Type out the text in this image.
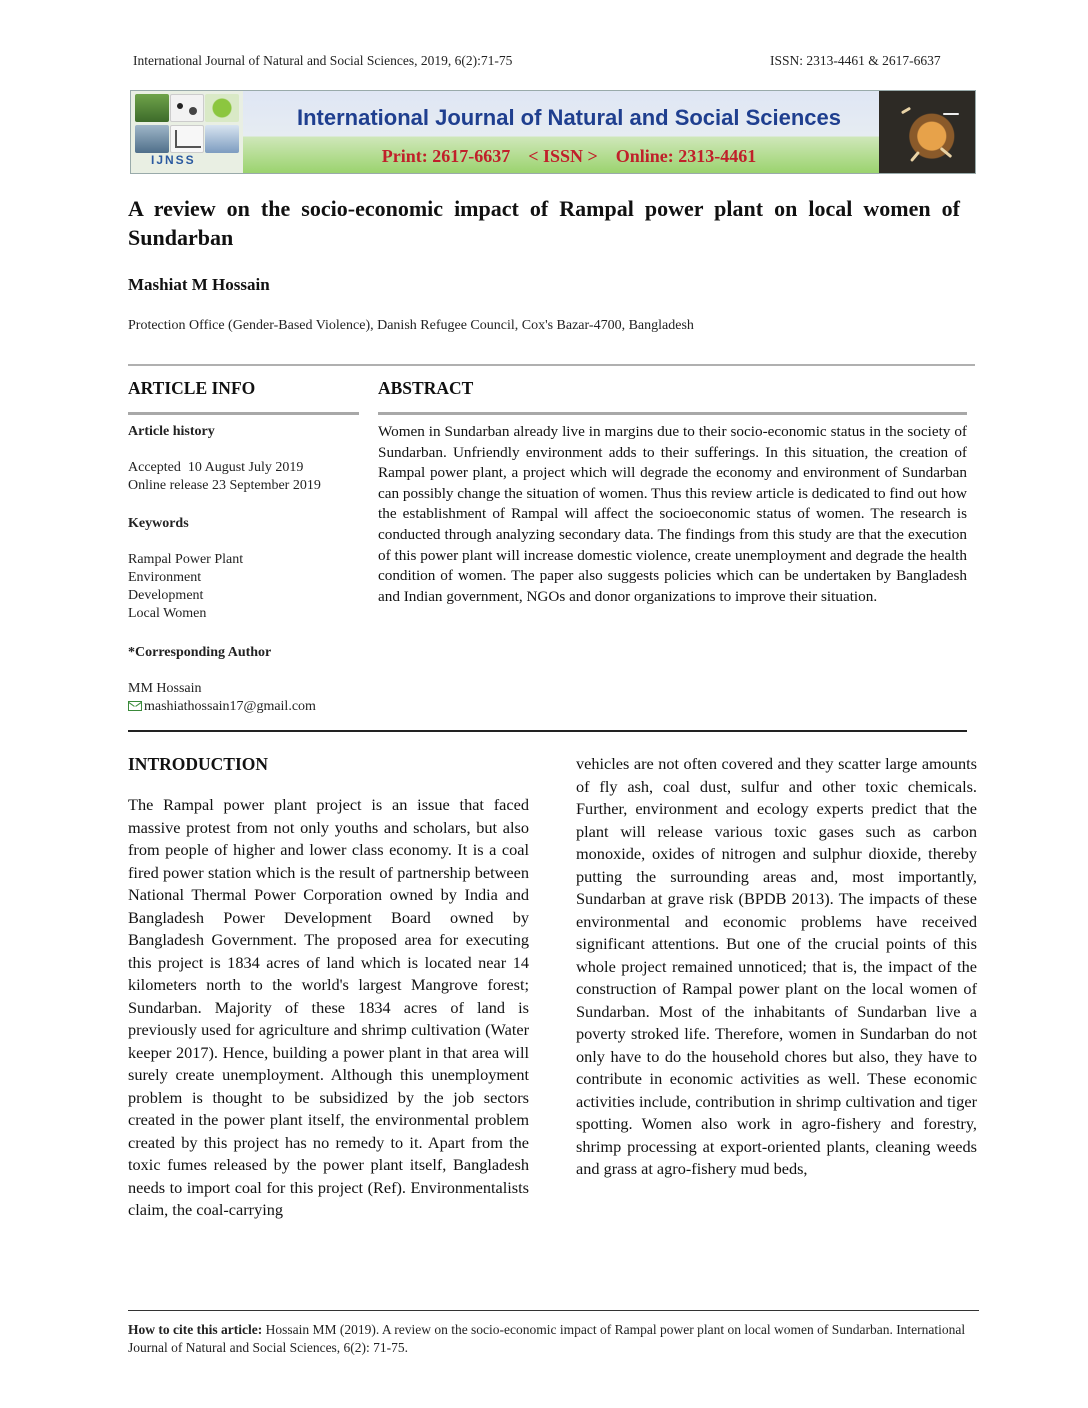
International Journal of Natural and Social Sciences, 2019, 6(2):71-75	ISSN: 2313-4461 & 2617-6637
IJNSS
International Journal of Natural and Social Sciences
Print: 2617-6637    < ISSN >    Online: 2313-4461
A review on the socio-economic impact of Rampal power plant on local women of Sundarban
Mashiat M Hossain
Protection Office (Gender-Based Violence), Danish Refugee Council, Cox's Bazar-4700, Bangladesh
ARTICLE INFO	ABSTRACT
Article history
Accepted  10 August July 2019
Online release 23 September 2019
Keywords
Rampal Power Plant
Environment
Development
Local Women
*Corresponding Author
MM Hossain
mashiathossain17@gmail.com
Women in Sundarban already live in margins due to their socio-economic status in the society of Sundarban. Unfriendly environment adds to their sufferings. In this situation, the creation of Rampal power plant, a project which will degrade the economy and environment of Sundarban can possibly change the situation of women. Thus this review article is dedicated to find out how the establishment of Rampal will affect the socioeconomic status of women. The research is conducted through analyzing secondary data. The findings from this study are that the execution of this power plant will increase domestic violence, create unemployment and degrade the health condition of women. The paper also suggests policies which can be undertaken by Bangladesh and Indian government, NGOs and donor organizations to improve their situation.
INTRODUCTION
The Rampal power plant project is an issue that faced massive protest from not only youths and scholars, but also from people of higher and lower class economy. It is a coal fired power station which is the result of partnership between National Thermal Power Corporation owned by India and Bangladesh Power Development Board owned by Bangladesh Government. The proposed area for executing this project is 1834 acres of land which is located near 14 kilometers north to the world's largest Mangrove forest; Sundarban. Majority of these 1834 acres of land is previously used for agriculture and shrimp cultivation (Water keeper 2017). Hence, building a power plant in that area will surely create unemployment. Although this unemployment problem is thought to be subsidized by the job sectors created in the power plant itself, the environmental problem created by this project has no remedy to it. Apart from the toxic fumes released by the power plant itself, Bangladesh needs to import coal for this project (Ref). Environmentalists claim, the coal-carrying
vehicles are not often covered and they scatter large amounts of fly ash, coal dust, sulfur and other toxic chemicals. Further, environment and ecology experts predict that the plant will release various toxic gases such as carbon monoxide, oxides of nitrogen and sulphur dioxide, thereby putting the surrounding areas and, most importantly, Sundarban at grave risk (BPDB 2013). The impacts of these environmental and economic problems have received significant attentions. But one of the crucial points of this whole project remained unnoticed; that is, the impact of the construction of Rampal power plant on the local women of Sundarban. Most of the inhabitants of Sundarban live a poverty stroked life. Therefore, women in Sundarban do not only have to do the household chores but also, they have to contribute in economic activities as well. These economic activities include, contribution in shrimp cultivation and tiger spotting. Women also work in agro-fishery and forestry, shrimp processing at export-oriented plants, cleaning weeds and grass at agro-fishery mud beds,
How to cite this article: Hossain MM (2019). A review on the socio-economic impact of Rampal power plant on local women of Sundarban. International Journal of Natural and Social Sciences, 6(2): 71-75.
